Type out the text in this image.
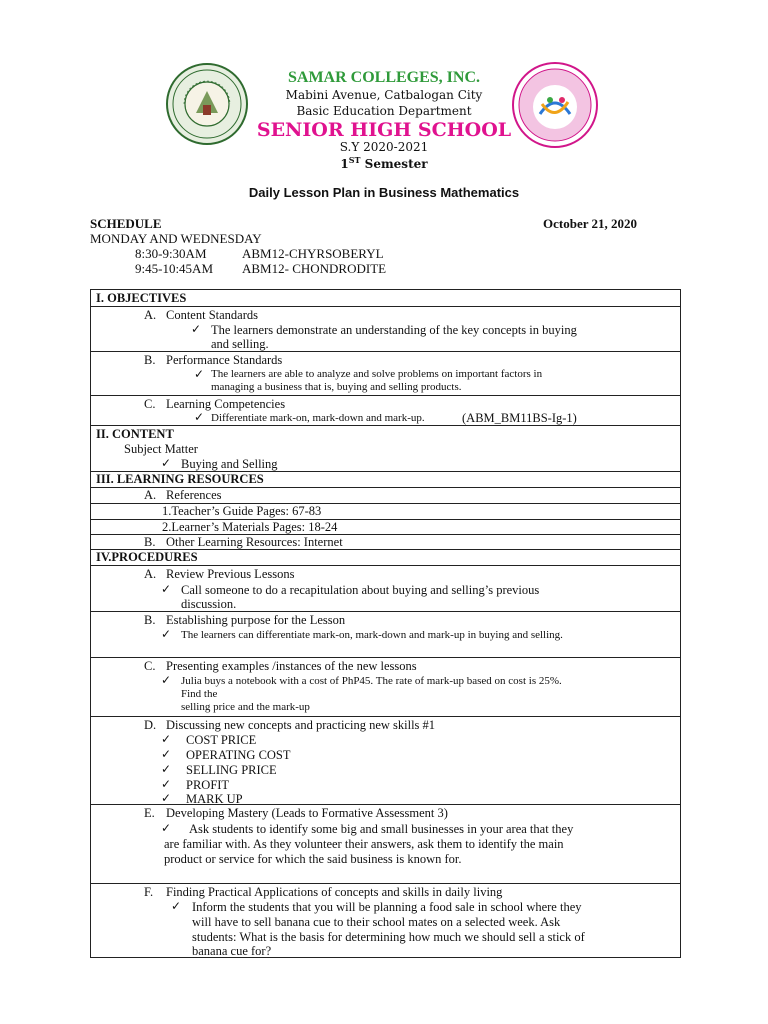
SAMAR COLLEGES, INC.
Mabini Avenue, Catbalogan City
Basic Education Department
SENIOR HIGH SCHOOL
S.Y 2020-2021
1ST Semester
Daily Lesson Plan in Business Mathematics
SCHEDULE	October 21, 2020
MONDAY AND WEDNESDAY
8:30-9:30AM	ABM12-CHYRSOBERYL
9:45-10:45AM ABM12- CHONDRODITE
I. OBJECTIVES
A. Content Standards
✓ The learners demonstrate an understanding of the key concepts in buying
and selling.
B. Performance Standards
✓ The learners are able to analyze and solve problems on important factors in
managing a business that is, buying and selling products.
C. Learning Competencies
✓ Differentiate mark-on, mark-down and mark-up.	(ABM_BM11BS-Ig-1)
II. CONTENT
Subject Matter
✓ Buying and Selling
III. LEARNING RESOURCES
A. References
1.Teacher’s Guide Pages: 67-83
2.Learner’s Materials Pages: 18-24
B. Other Learning Resources: Internet
IV.PROCEDURES
A. Review Previous Lessons
✓ Call someone to do a recapitulation about buying and selling’s previous
discussion.
B. Establishing purpose for the Lesson
✓ The learners can differentiate mark-on, mark-down and mark-up in buying and selling.
C. Presenting examples /instances of the new lessons
✓ Julia buys a notebook with a cost of PhP45. The rate of mark-up based on cost is 25%.
Find the
selling price and the mark-up
D. Discussing new concepts and practicing new skills #1
✓ COST PRICE
✓ OPERATING COST
✓ SELLING PRICE
✓ PROFIT
✓ MARK UP
E. Developing Mastery (Leads to Formative Assessment 3)
✓ Ask students to identify some big and small businesses in your area that they
are familiar with. As they volunteer their answers, ask them to identify the main
product or service for which the said business is known for.
F. Finding Practical Applications of concepts and skills in daily living
✓ Inform the students that you will be planning a food sale in school where they
will have to sell banana cue to their school mates on a selected week. Ask
students: What is the basis for determining how much we should sell a stick of
banana cue for?
